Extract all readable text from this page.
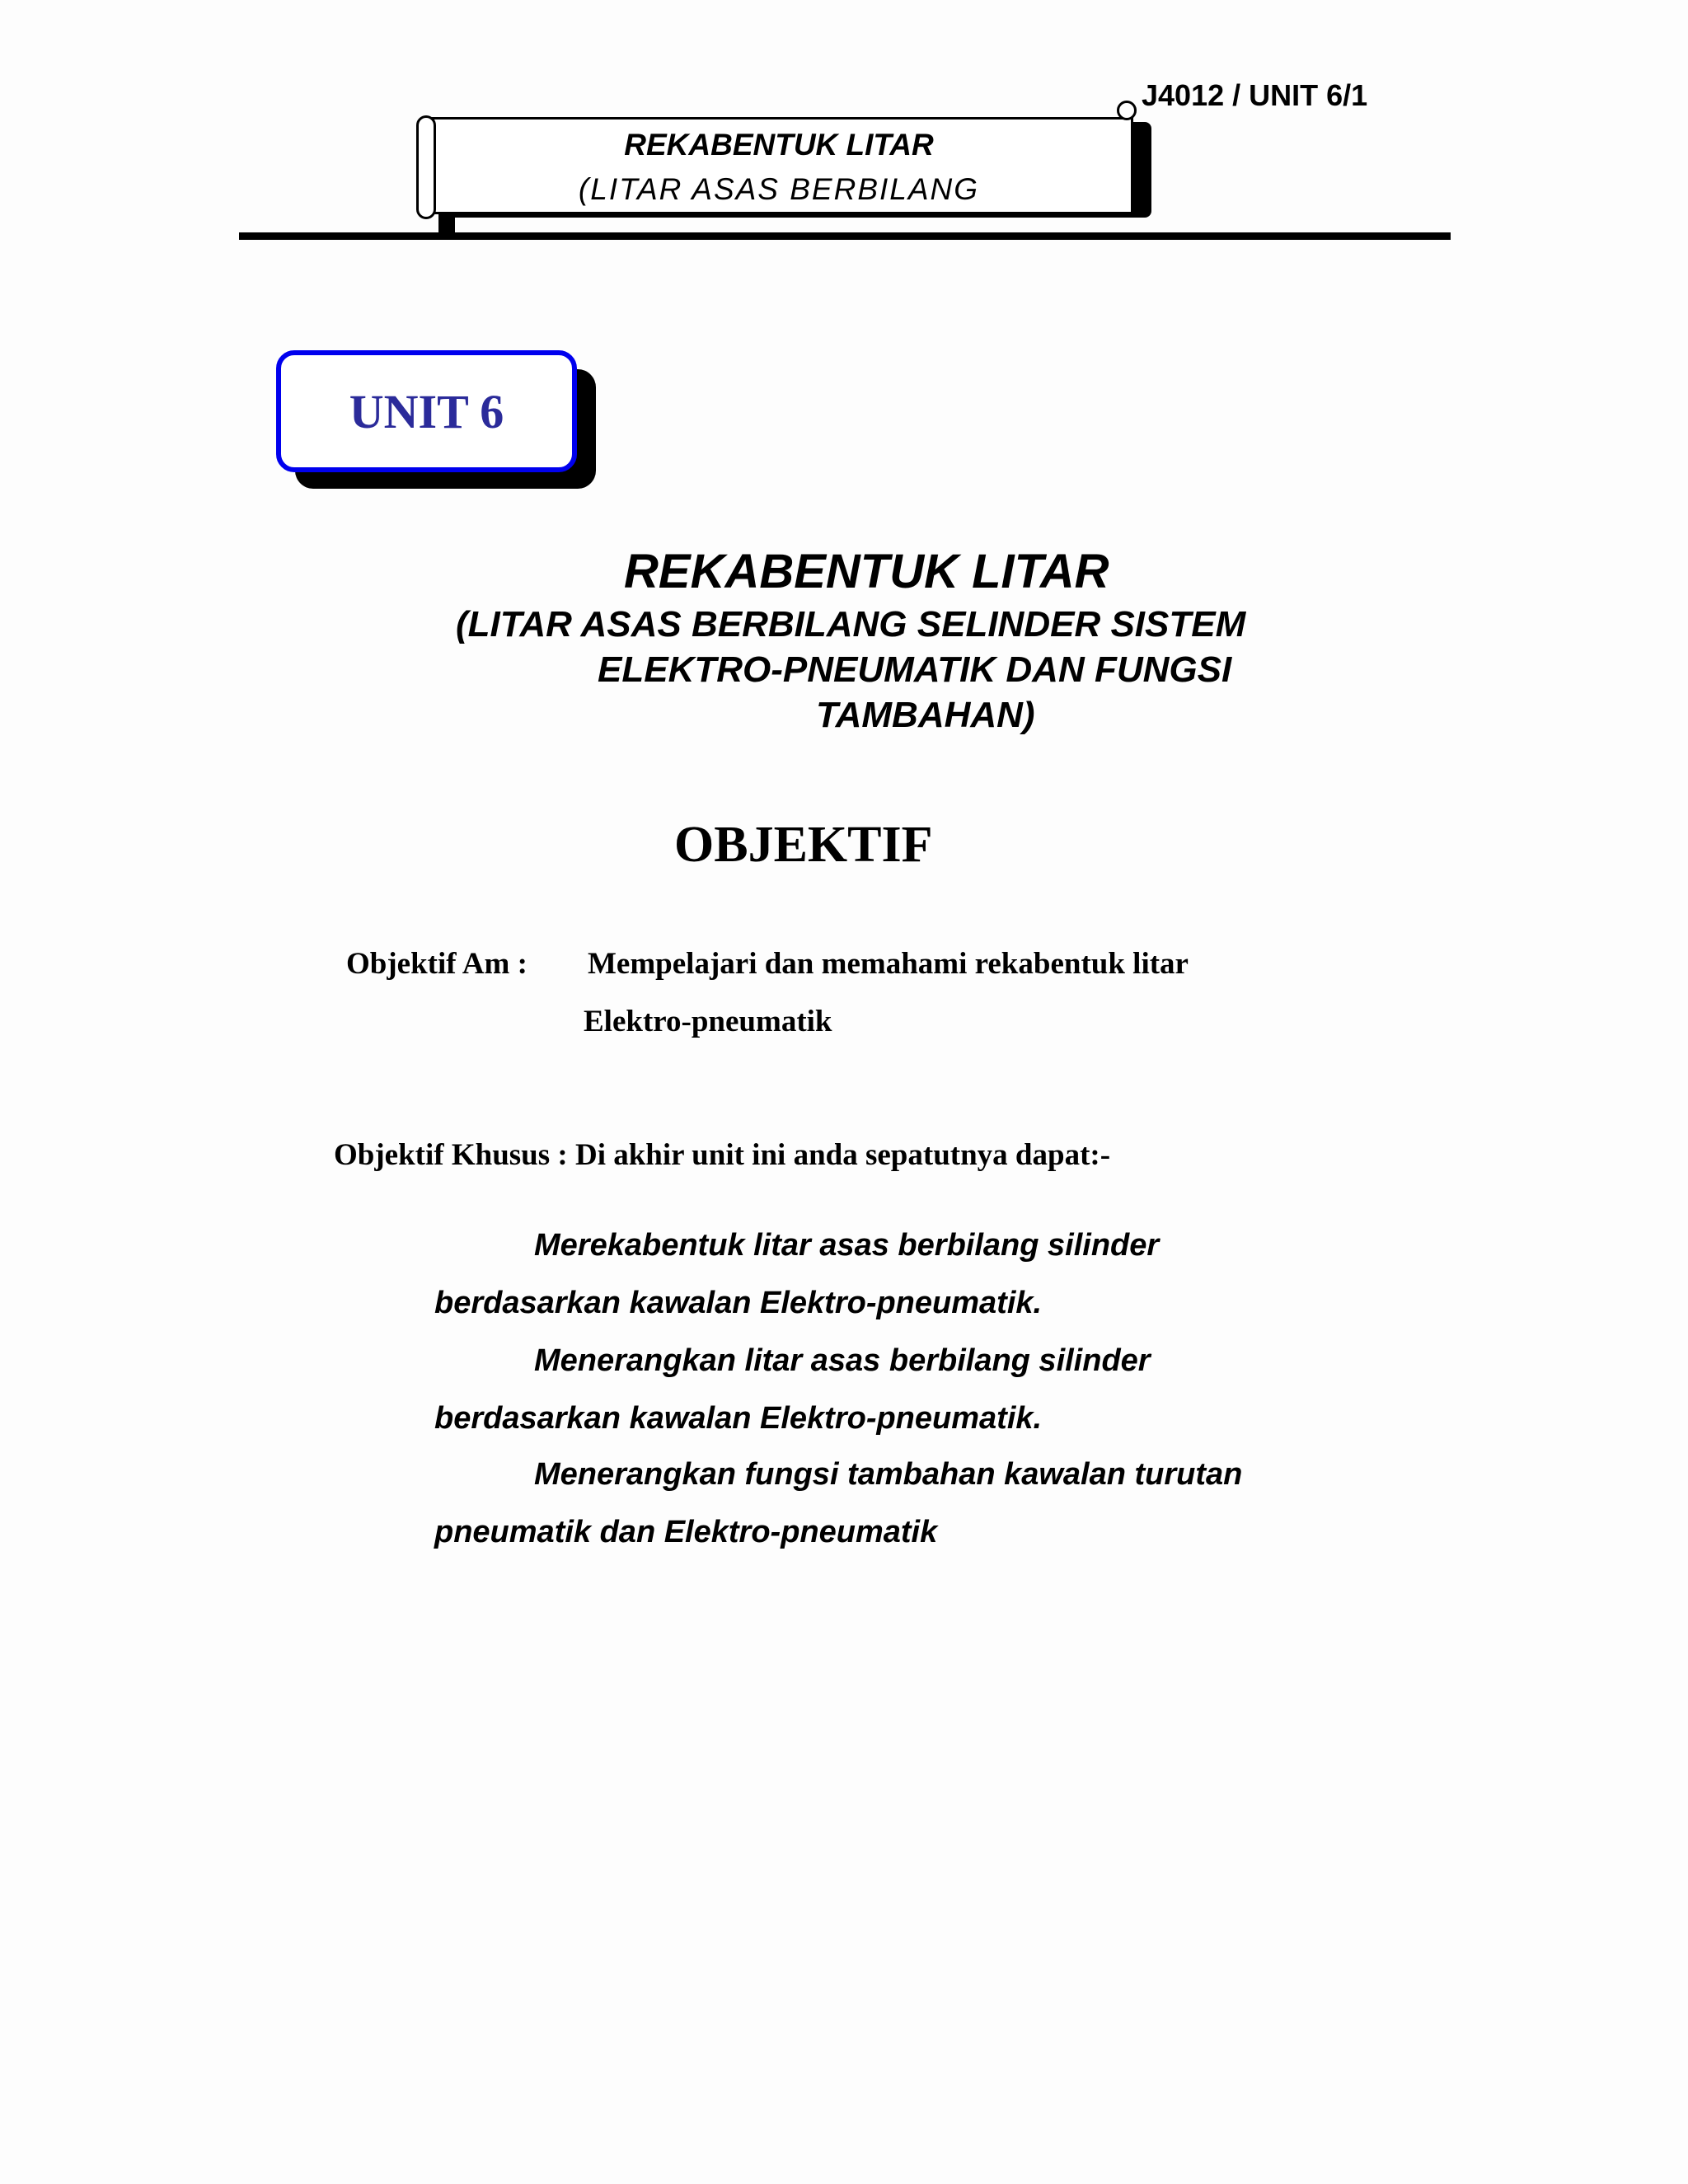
J4012 / UNIT 6/1
REKABENTUK LITAR
(LITAR ASAS BERBILANG
UNIT 6
REKABENTUK LITAR
(LITAR ASAS BERBILANG SELINDER SISTEM
ELEKTRO-PNEUMATIK DAN FUNGSI
TAMBAHAN)
OBJEKTIF
Objektif Am : Mempelajari dan memahami rekabentuk litar
Elektro-pneumatik
Objektif Khusus : Di akhir unit ini anda sepatutnya dapat:-
Merekabentuk litar asas berbilang silinder
berdasarkan kawalan Elektro-pneumatik.
Menerangkan litar asas berbilang silinder
berdasarkan kawalan Elektro-pneumatik.
Menerangkan fungsi tambahan kawalan turutan
pneumatik dan Elektro-pneumatik
